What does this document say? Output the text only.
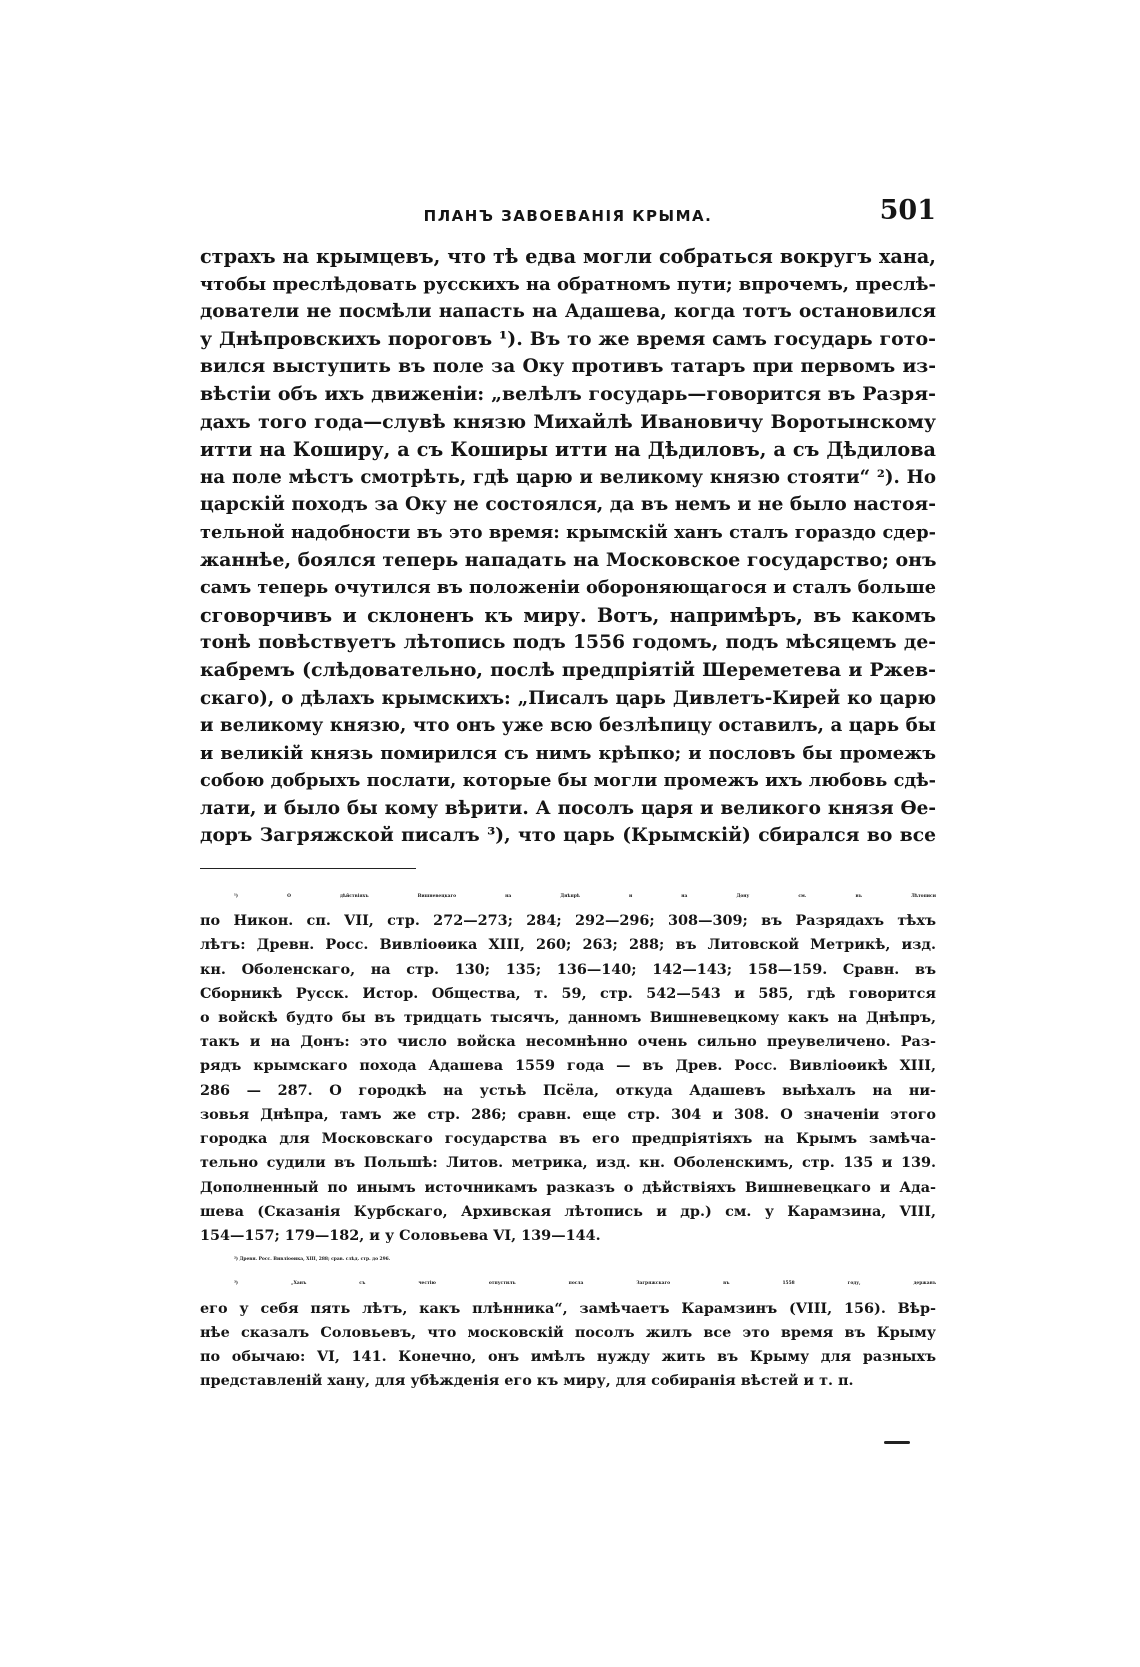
ПЛАНЪ ЗАВОЕВАНІЯ КРЫМА.	501
страхъ на крымцевъ, что тѣ едва могли собраться вокругъ хана,
чтобы преслѣдовать русскихъ на обратномъ пути; впрочемъ, преслѣ-
дователи не посмѣли напасть на Адашева, когда тотъ остановился
у Днѣпровскихъ пороговъ ¹). Въ то же время самъ государь гото-
вился выступить въ поле за Оку противъ татаръ при первомъ из-
вѣстіи объ ихъ движеніи: „велѣлъ государь—говорится въ Разря-
дахъ того года—слувѣ князю Михайлѣ Ивановичу Воротынскому
итти на Коширу, а съ Коширы итти на Дѣдиловъ, а съ Дѣдилова
на поле мѣстъ смотрѣть, гдѣ царю и великому князю стояти“ ²). Но
царскій походъ за Оку не состоялся, да въ немъ и не было настоя-
тельной надобности въ это время: крымскій ханъ сталъ гораздо сдер-
жаннѣе, боялся теперь нападать на Московское государство; онъ
самъ теперь очутился въ положеніи обороняющагося и сталъ больше
сговорчивъ и склоненъ къ миру. Вотъ, напримѣръ, въ какомъ
тонѣ повѣствуетъ лѣтопись подъ 1556 годомъ, подъ мѣсяцемъ де-
кабремъ (слѣдовательно, послѣ предпріятій Шереметева и Ржев-
скаго), о дѣлахъ крымскихъ: „Писалъ царь Дивлетъ-Кирей ко царю
и великому князю, что онъ уже всю безлѣпицу оставилъ, а царь бы
и великій князь помирился съ нимъ крѣпко; и пословъ бы промежъ
собою добрыхъ послати, которые бы могли промежъ ихъ любовь сдѣ-
лати, и было бы кому вѣрити. А посолъ царя и великого князя Ѳе-
доръ Загряжской писалъ ³), что царь (Крымскій) сбирался во все
¹) О дѣйствіяхъ Вишневецкаго на Днѣпрѣ и на Дону см. въ Лѣтописи
по Никон. сп. VII, стр. 272—273; 284; 292—296; 308—309; въ Разрядахъ тѣхъ
лѣтъ: Древн. Росс. Вивліоѳика XIII, 260; 263; 288; въ Литовской Метрикѣ, изд.
кн. Оболенскаго, на стр. 130; 135; 136—140; 142—143; 158—159. Сравн. въ
Сборникѣ Русск. Истор. Общества, т. 59, стр. 542—543 и 585, гдѣ говорится
о войскѣ будто бы въ тридцать тысячъ, данномъ Вишневецкому какъ на Днѣпръ,
такъ и на Донъ: это число войска несомнѣнно очень сильно преувеличено. Раз-
рядъ крымскаго похода Адашева 1559 года — въ Древ. Росс. Вивліоѳикѣ XIII,
286 — 287. О городкѣ на устьѣ Псёла, откуда Адашевъ выѣхалъ на ни-
зовья Днѣпра, тамъ же стр. 286; сравн. еще стр. 304 и 308. О значеніи этого
городка для Московскаго государства въ его предпріятіяхъ на Крымъ замѣча-
тельно судили въ Польшѣ: Литов. метрика, изд. кн. Оболенскимъ, стр. 135 и 139.
Дополненный по инымъ источникамъ разказъ о дѣйствіяхъ Вишневецкаго и Ада-
шева (Сказанія Курбскаго, Архивская лѣтопись и др.) см. у Карамзина, VIII,
154—157; 179—182, и у Соловьева VI, 139—144.
²) Древн. Росс. Вивліоѳика, XIII, 288; срав. слѣд. стр. до 296.
³) „Ханъ съ честію отпустилъ посла Загряжскаго въ 1558 году, державъ
его у себя пять лѣтъ, какъ плѣнника“, замѣчаетъ Карамзинъ (VIII, 156). Вѣр-
нѣе сказалъ Соловьевъ, что московскій посолъ жилъ все это время въ Крыму
по обычаю: VI, 141. Конечно, онъ имѣлъ нужду жить въ Крыму для разныхъ
представленій хану, для убѣжденія его къ миру, для собиранія вѣстей и т. п.
